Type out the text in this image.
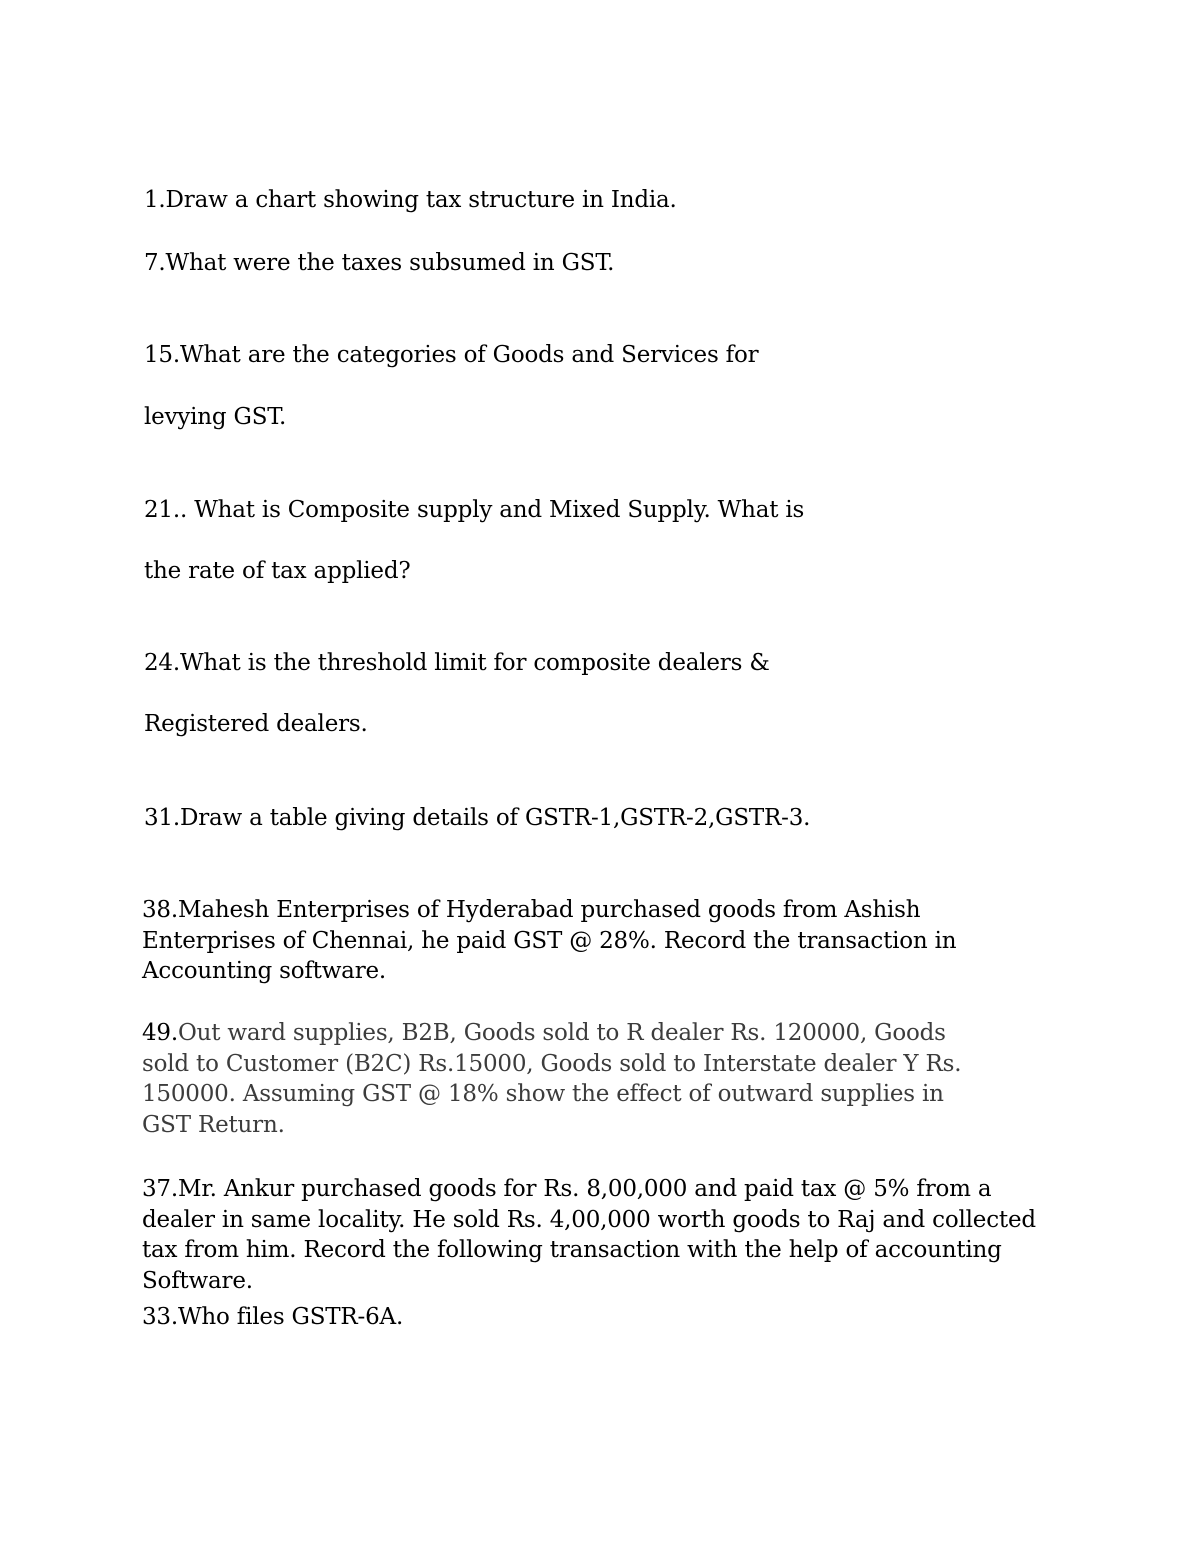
1.Draw a chart showing tax structure in India.

7.What were the taxes subsumed in GST.

15.What are the categories of Goods and Services for

levying GST.

21.. What is Composite supply and Mixed Supply. What is

the rate of tax applied?

24.What is the threshold limit for composite dealers &

Registered dealers.

31.Draw a table giving details of GSTR-1,GSTR-2,GSTR-3.

38.Mahesh Enterprises of Hyderabad purchased goods from Ashish
Enterprises of Chennai, he paid GST @ 28%. Record the transaction in
Accounting software.
49.Out ward supplies, B2B, Goods sold to R dealer Rs. 120000, Goods
sold to Customer (B2C) Rs.15000, Goods sold to Interstate dealer Y Rs.
150000. Assuming GST @ 18% show the effect of outward supplies in
GST Return.
37.Mr. Ankur purchased goods for Rs. 8,00,000 and paid tax @ 5% from a
dealer in same locality. He sold Rs. 4,00,000 worth goods to Raj and collected
tax from him. Record the following transaction with the help of accounting
Software.

33.Who files GSTR-6A.
